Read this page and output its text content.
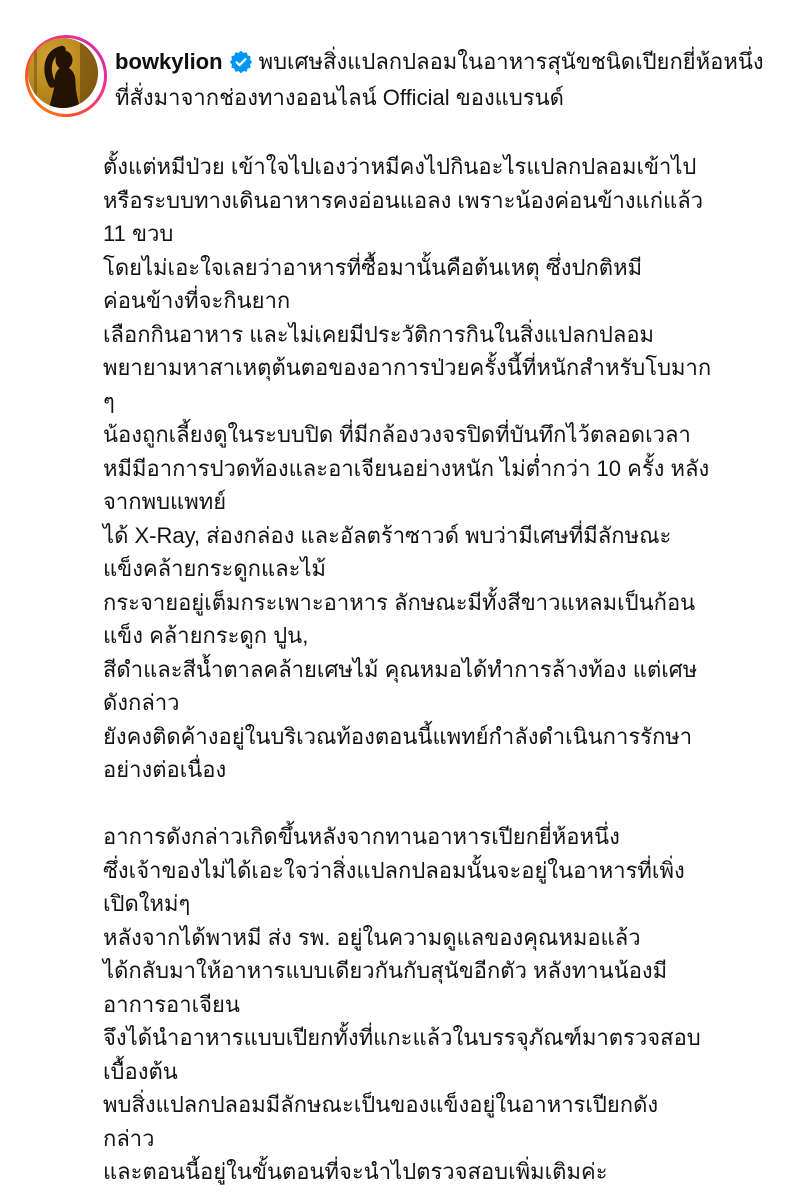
bowkylion พบเศษสิ่งแปลกปลอมในอาหารสุนัขชนิดเปียกยี่ห้อหนึ่งที่สั่งมาจากช่องทางออนไลน์ Official ของแบรนด์
ตั้งแต่หมีป่วย เข้าใจไปเองว่าหมีคงไปกินอะไรแปลกปลอมเข้าไป
หรือระบบทางเดินอาหารคงอ่อนแอลง เพราะน้องค่อนข้างแก่แล้ว
11 ขวบ
โดยไม่เอะใจเลยว่าอาหารที่ซื้อมานั้นคือต้นเหตุ ซึ่งปกติหมี
ค่อนข้างที่จะกินยาก
เลือกกินอาหาร และไม่เคยมีประวัติการกินในสิ่งแปลกปลอม
พยายามหาสาเหตุต้นตอของอาการป่วยครั้งนี้ที่หนักสำหรับโบมาก
ๆ
น้องถูกเลี้ยงดูในระบบปิด ที่มีกล้องวงจรปิดที่บันทึกไว้ตลอดเวลา
หมีมีอาการปวดท้องและอาเจียนอย่างหนัก ไม่ต่ำกว่า 10 ครั้ง หลัง
จากพบแพทย์
ได้ X-Ray, ส่องกล่อง และอัลตร้าซาวด์ พบว่ามีเศษที่มีลักษณะ
แข็งคล้ายกระดูกและไม้
กระจายอยู่เต็มกระเพาะอาหาร ลักษณะมีทั้งสีขาวแหลมเป็นก้อน
แข็ง คล้ายกระดูก ปูน,
สีดำและสีน้ำตาลคล้ายเศษไม้ คุณหมอได้ทำการล้างท้อง แต่เศษ
ดังกล่าว
ยังคงติดค้างอยู่ในบริเวณท้องตอนนี้แพทย์กำลังดำเนินการรักษา
อย่างต่อเนื่อง
อาการดังกล่าวเกิดขึ้นหลังจากทานอาหารเปียกยี่ห้อหนึ่ง
ซึ่งเจ้าของไม่ได้เอะใจว่าสิ่งแปลกปลอมนั้นจะอยู่ในอาหารที่เพิ่ง
เปิดใหม่ๆ
หลังจากได้พาหมี ส่ง รพ. อยู่ในความดูแลของคุณหมอแล้ว
ได้กลับมาให้อาหารแบบเดียวกันกับสุนัขอีกตัว หลังทานน้องมี
อาการอาเจียน
จึงได้นำอาหารแบบเปียกทั้งที่แกะแล้วในบรรจุภัณฑ์มาตรวจสอบ
เบื้องต้น
พบสิ่งแปลกปลอมมีลักษณะเป็นของแข็งอยู่ในอาหารเปียกดัง
กล่าว
และตอนนี้อยู่ในขั้นตอนที่จะนำไปตรวจสอบเพิ่มเติมค่ะ
